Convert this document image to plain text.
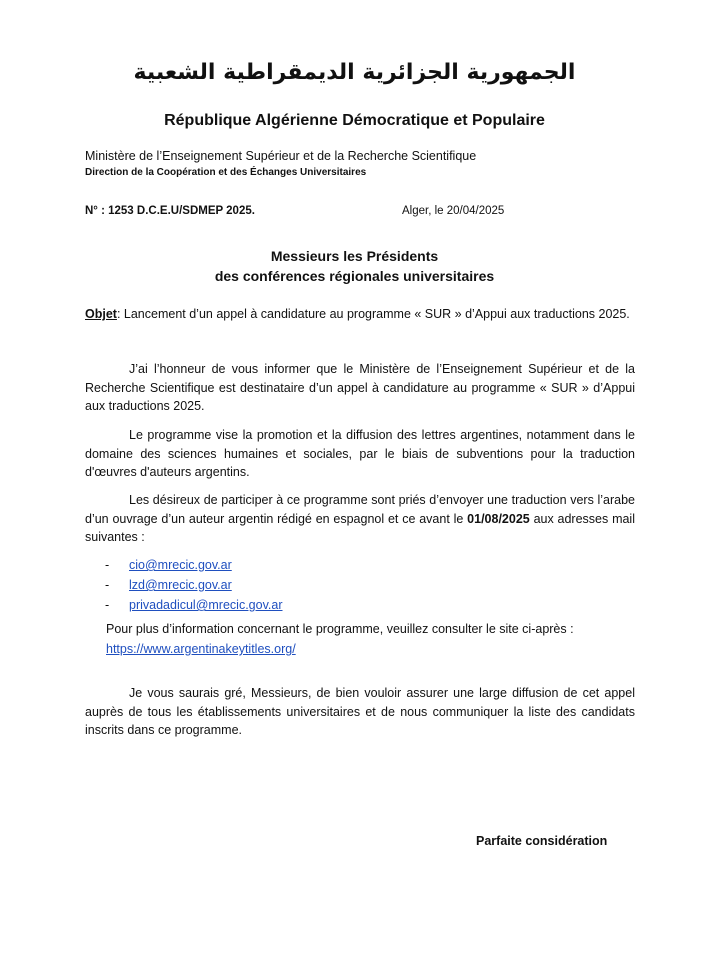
الجمهورية الجزائرية الديمقراطية الشعبية
République Algérienne Démocratique et Populaire
Ministère de l’Enseignement Supérieur et de la Recherche Scientifique
Direction de la Coopération et des Échanges Universitaires
N° : 1253 D.C.E.U/SDMEP 2025.	Alger, le 20/04/2025
Messieurs les Présidents
des conférences régionales universitaires
Objet: Lancement d’un appel à candidature au programme « SUR » d’Appui aux traductions 2025.
J’ai l’honneur de vous informer que le Ministère de l’Enseignement Supérieur et de la Recherche Scientifique est destinataire d’un appel à candidature au programme « SUR » d’Appui aux traductions 2025.
Le programme vise la promotion et la diffusion des lettres argentines, notamment dans le domaine des sciences humaines et sociales, par le biais de subventions pour la traduction d'œuvres d'auteurs argentins.
Les désireux de participer à ce programme sont priés d’envoyer une traduction vers l’arabe d’un ouvrage d’un auteur argentin rédigé en espagnol et ce avant le 01/08/2025 aux adresses mail suivantes :
-	cio@mrecic.gov.ar
-	lzd@mrecic.gov.ar
-	privadadicul@mrecic.gov.ar
Pour plus d’information concernant le programme, veuillez consulter le site ci-après :
https://www.argentinakeytitles.org/
Je vous saurais gré, Messieurs, de bien vouloir assurer une large diffusion de cet appel auprès de tous les établissements universitaires et de nous communiquer la liste des candidats inscrits dans ce programme.
Parfaite considération
